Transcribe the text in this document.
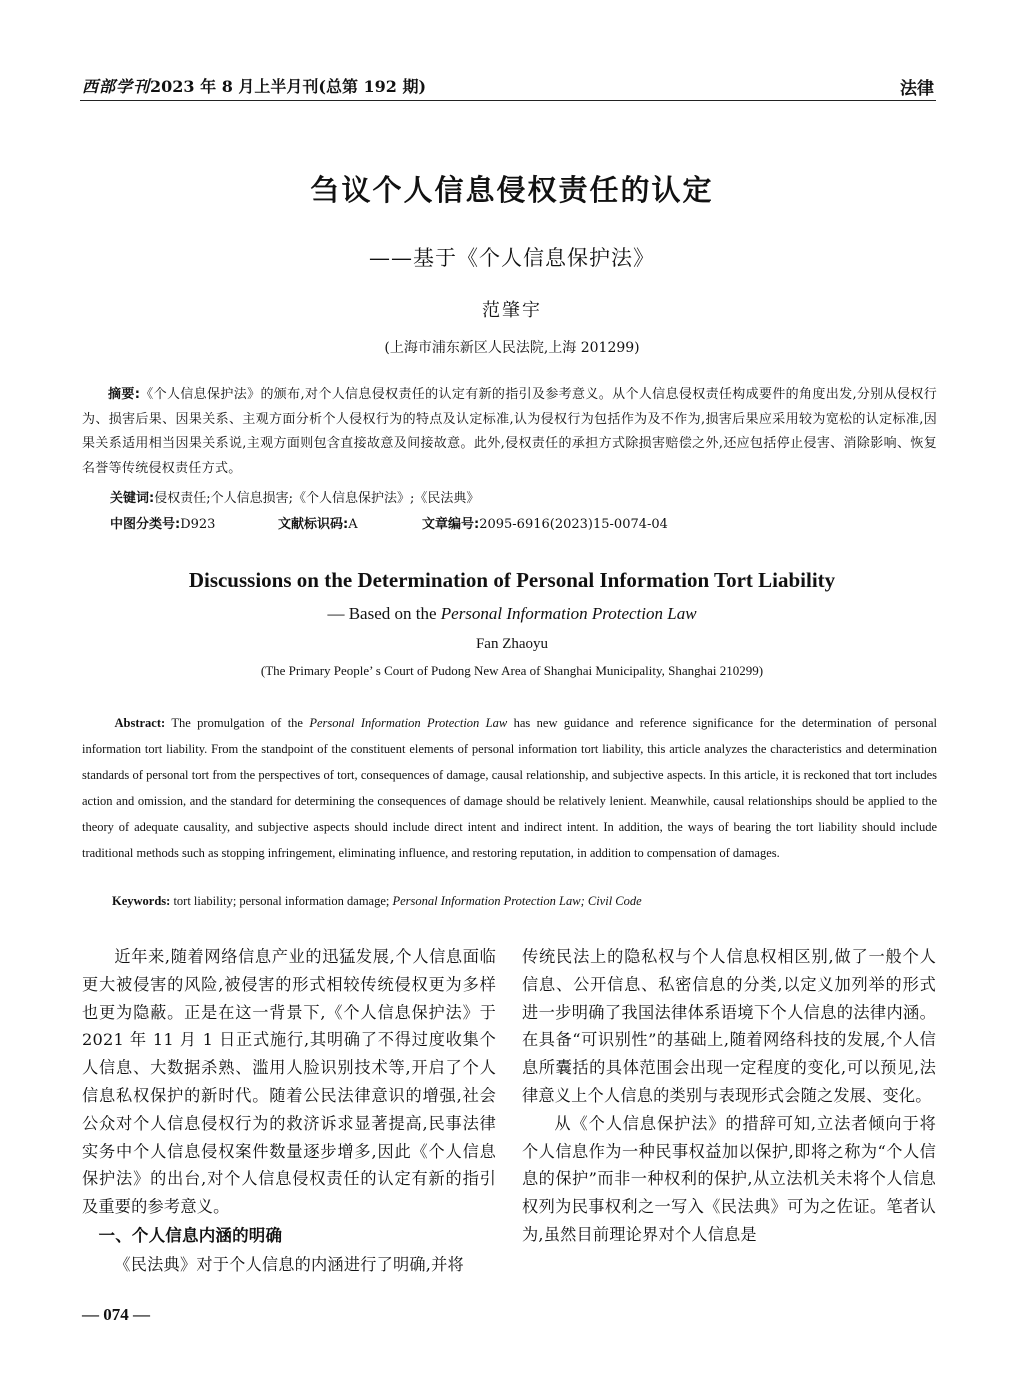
西部学刊2023 年 8 月上半月刊(总第 192 期)	法律
刍议个人信息侵权责任的认定
——基于《个人信息保护法》
范肇宇
(上海市浦东新区人民法院,上海 201299)
摘要:《个人信息保护法》的颁布,对个人信息侵权责任的认定有新的指引及参考意义。从个人信息侵权责任构成要件的角度出发,分别从侵权行为、损害后果、因果关系、主观方面分析个人侵权行为的特点及认定标准,认为侵权行为包括作为及不作为,损害后果应采用较为宽松的认定标准,因果关系适用相当因果关系说,主观方面则包含直接故意及间接故意。此外,侵权责任的承担方式除损害赔偿之外,还应包括停止侵害、消除影响、恢复名誉等传统侵权责任方式。
关键词:侵权责任;个人信息损害;《个人信息保护法》;《民法典》
中图分类号:D923	文献标识码:A	文章编号:2095-6916(2023)15-0074-04
Discussions on the Determination of Personal Information Tort Liability
— Based on the Personal Information Protection Law
Fan Zhaoyu
(The Primary People’ s Court of Pudong New Area of Shanghai Municipality, Shanghai 210299)
Abstract: The promulgation of the Personal Information Protection Law has new guidance and reference significance for the determination of personal information tort liability. From the standpoint of the constituent elements of personal information tort liability, this article analyzes the characteristics and determination standards of personal tort from the perspectives of tort, consequences of damage, causal relationship, and subjective aspects. In this article, it is reckoned that tort includes action and omission, and the standard for determining the consequences of damage should be relatively lenient. Meanwhile, causal relationships should be applied to the theory of adequate causality, and subjective aspects should include direct intent and indirect intent. In addition, the ways of bearing the tort liability should include traditional methods such as stopping infringement, eliminating influence, and restoring reputation, in addition to compensation of damages.
Keywords: tort liability; personal information damage; Personal Information Protection Law; Civil Code

近年来,随着网络信息产业的迅猛发展,个人信息面临更大被侵害的风险,被侵害的形式相较传统侵权更为多样也更为隐蔽。正是在这一背景下,《个人信息保护法》于 2021 年 11 月 1 日正式施行,其明确了不得过度收集个人信息、大数据杀熟、滥用人脸识别技术等,开启了个人信息私权保护的新时代。随着公民法律意识的增强,社会公众对个人信息侵权行为的救济诉求显著提高,民事法律实务中个人信息侵权案件数量逐步增多,因此《个人信息保护法》的出台,对个人信息侵权责任的认定有新的指引及重要的参考意义。

一、个人信息内涵的明确

《民法典》对于个人信息的内涵进行了明确,并将

传统民法上的隐私权与个人信息权相区别,做了一般个人信息、公开信息、私密信息的分类,以定义加列举的形式进一步明确了我国法律体系语境下个人信息的法律内涵。在具备“可识别性”的基础上,随着网络科技的发展,个人信息所囊括的具体范围会出现一定程度的变化,可以预见,法律意义上个人信息的类别与表现形式会随之发展、变化。

从《个人信息保护法》的措辞可知,立法者倾向于将个人信息作为一种民事权益加以保护,即将之称为“个人信息的保护”而非一种权利的保护,从立法机关未将个人信息权列为民事权利之一写入《民法典》可为之佐证。笔者认为,虽然目前理论界对个人信息是

— 074 —
